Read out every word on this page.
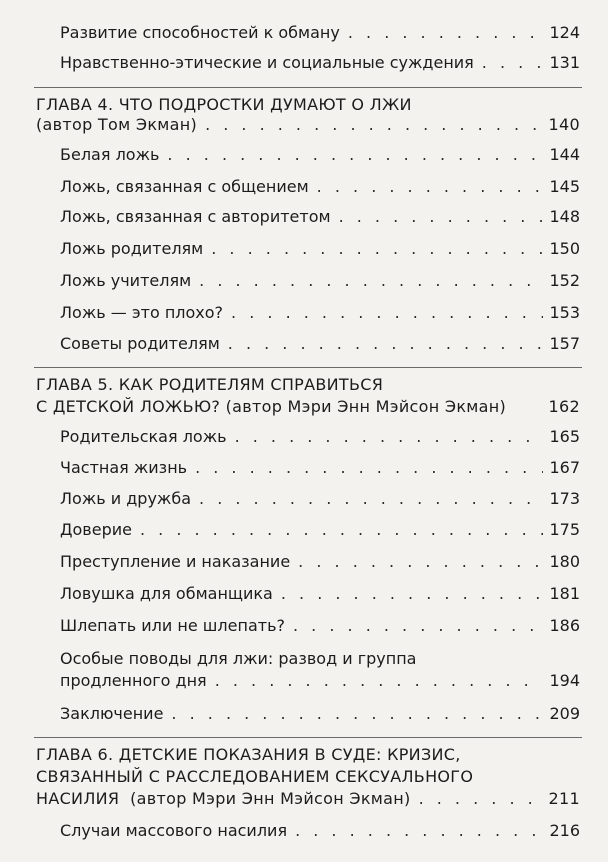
Развитие способностей к обману . . .	124
Нравственно-этические и социальные суждения . . .	131
ГЛАВА 4. ЧТО ПОДРОСТКИ ДУМАЮТ О ЛЖИ
(автор Том Экман) . . .	140
Белая ложь . . .	144
Ложь, связанная с общением . . .	145
Ложь, связанная с авторитетом . . .	148
Ложь родителям . . .	150
Ложь учителям . . .	152
Ложь — это плохо? . . .	153
Советы родителям . . .	157
ГЛАВА 5. КАК РОДИТЕЛЯМ СПРАВИТЬСЯ
С ДЕТСКОЙ ЛОЖЬЮ? (автор Мэри Энн Мэйсон Экман)	162
Родительская ложь . . .	165
Частная жизнь . . .	167
Ложь и дружба . . .	173
Доверие . . .	175
Преступление и наказание . . .	180
Ловушка для обманщика . . .	181
Шлепать или не шлепать? . . .	186
Особые поводы для лжи: развод и группа
продленного дня . . .	194
Заключение . . .	209
ГЛАВА 6. ДЕТСКИЕ ПОКАЗАНИЯ В СУДЕ: КРИЗИС,
СВЯЗАННЫЙ С РАССЛЕДОВАНИЕМ СЕКСУАЛЬНОГО
НАСИЛИЯ  (автор Мэри Энн Мэйсон Экман) . . .	211
Случаи массового насилия . . .	216
